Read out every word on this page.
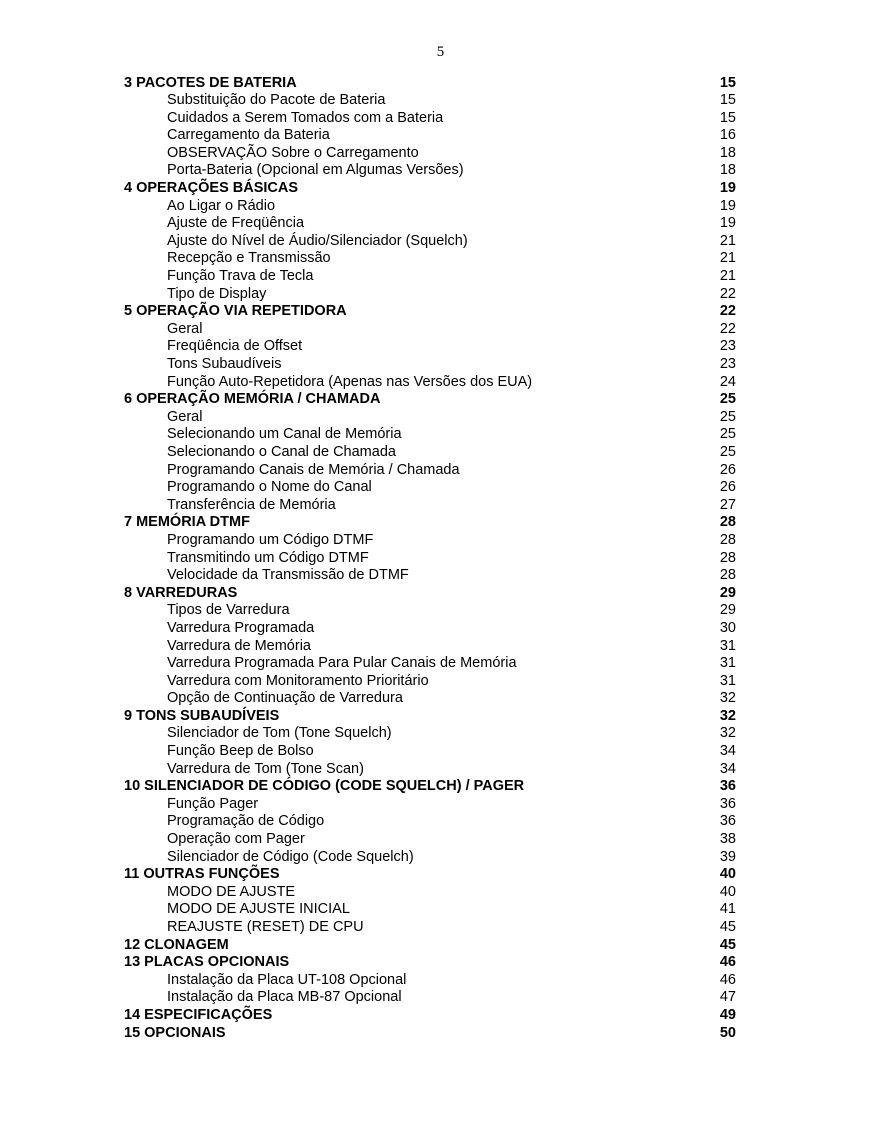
5
3 PACOTES DE BATERIA	15
Substituição do Pacote de Bateria	15
Cuidados a Serem Tomados com a Bateria	15
Carregamento da Bateria	16
OBSERVAÇÃO Sobre o Carregamento	18
Porta-Bateria (Opcional em Algumas Versões)	18
4 OPERAÇÕES BÁSICAS	19
Ao Ligar o Rádio	19
Ajuste de Freqüência	19
Ajuste do Nível de Áudio/Silenciador (Squelch)	21
Recepção e Transmissão	21
Função Trava de Tecla	21
Tipo de Display	22
5 OPERAÇÃO VIA REPETIDORA	22
Geral	22
Freqüência de Offset	23
Tons Subaudíveis	23
Função Auto-Repetidora (Apenas nas Versões dos EUA)	24
6 OPERAÇÃO MEMÓRIA / CHAMADA	25
Geral	25
Selecionando um Canal de Memória	25
Selecionando o Canal de Chamada	25
Programando Canais de Memória / Chamada	26
Programando o Nome do Canal	26
Transferência de Memória	27
7 MEMÓRIA DTMF	28
Programando um Código DTMF	28
Transmitindo um Código DTMF	28
Velocidade da Transmissão de DTMF	28
8 VARREDURAS	29
Tipos de Varredura	29
Varredura Programada	30
Varredura de Memória	31
Varredura Programada Para Pular Canais de Memória	31
Varredura com Monitoramento Prioritário	31
Opção de Continuação de Varredura	32
9 TONS SUBAUDÍVEIS	32
Silenciador de Tom (Tone Squelch)	32
Função Beep de Bolso	34
Varredura de Tom (Tone Scan)	34
10 SILENCIADOR DE CÓDIGO (CODE SQUELCH) / PAGER	36
Função Pager	36
Programação de Código	36
Operação com Pager	38
Silenciador de Código (Code Squelch)	39
11 OUTRAS FUNÇÕES	40
MODO DE AJUSTE	40
MODO DE AJUSTE INICIAL	41
REAJUSTE (RESET) DE CPU	45
12 CLONAGEM	45
13 PLACAS OPCIONAIS	46
Instalação da Placa UT-108 Opcional	46
Instalação da Placa MB-87 Opcional	47
14 ESPECIFICAÇÕES	49
15 OPCIONAIS	50
